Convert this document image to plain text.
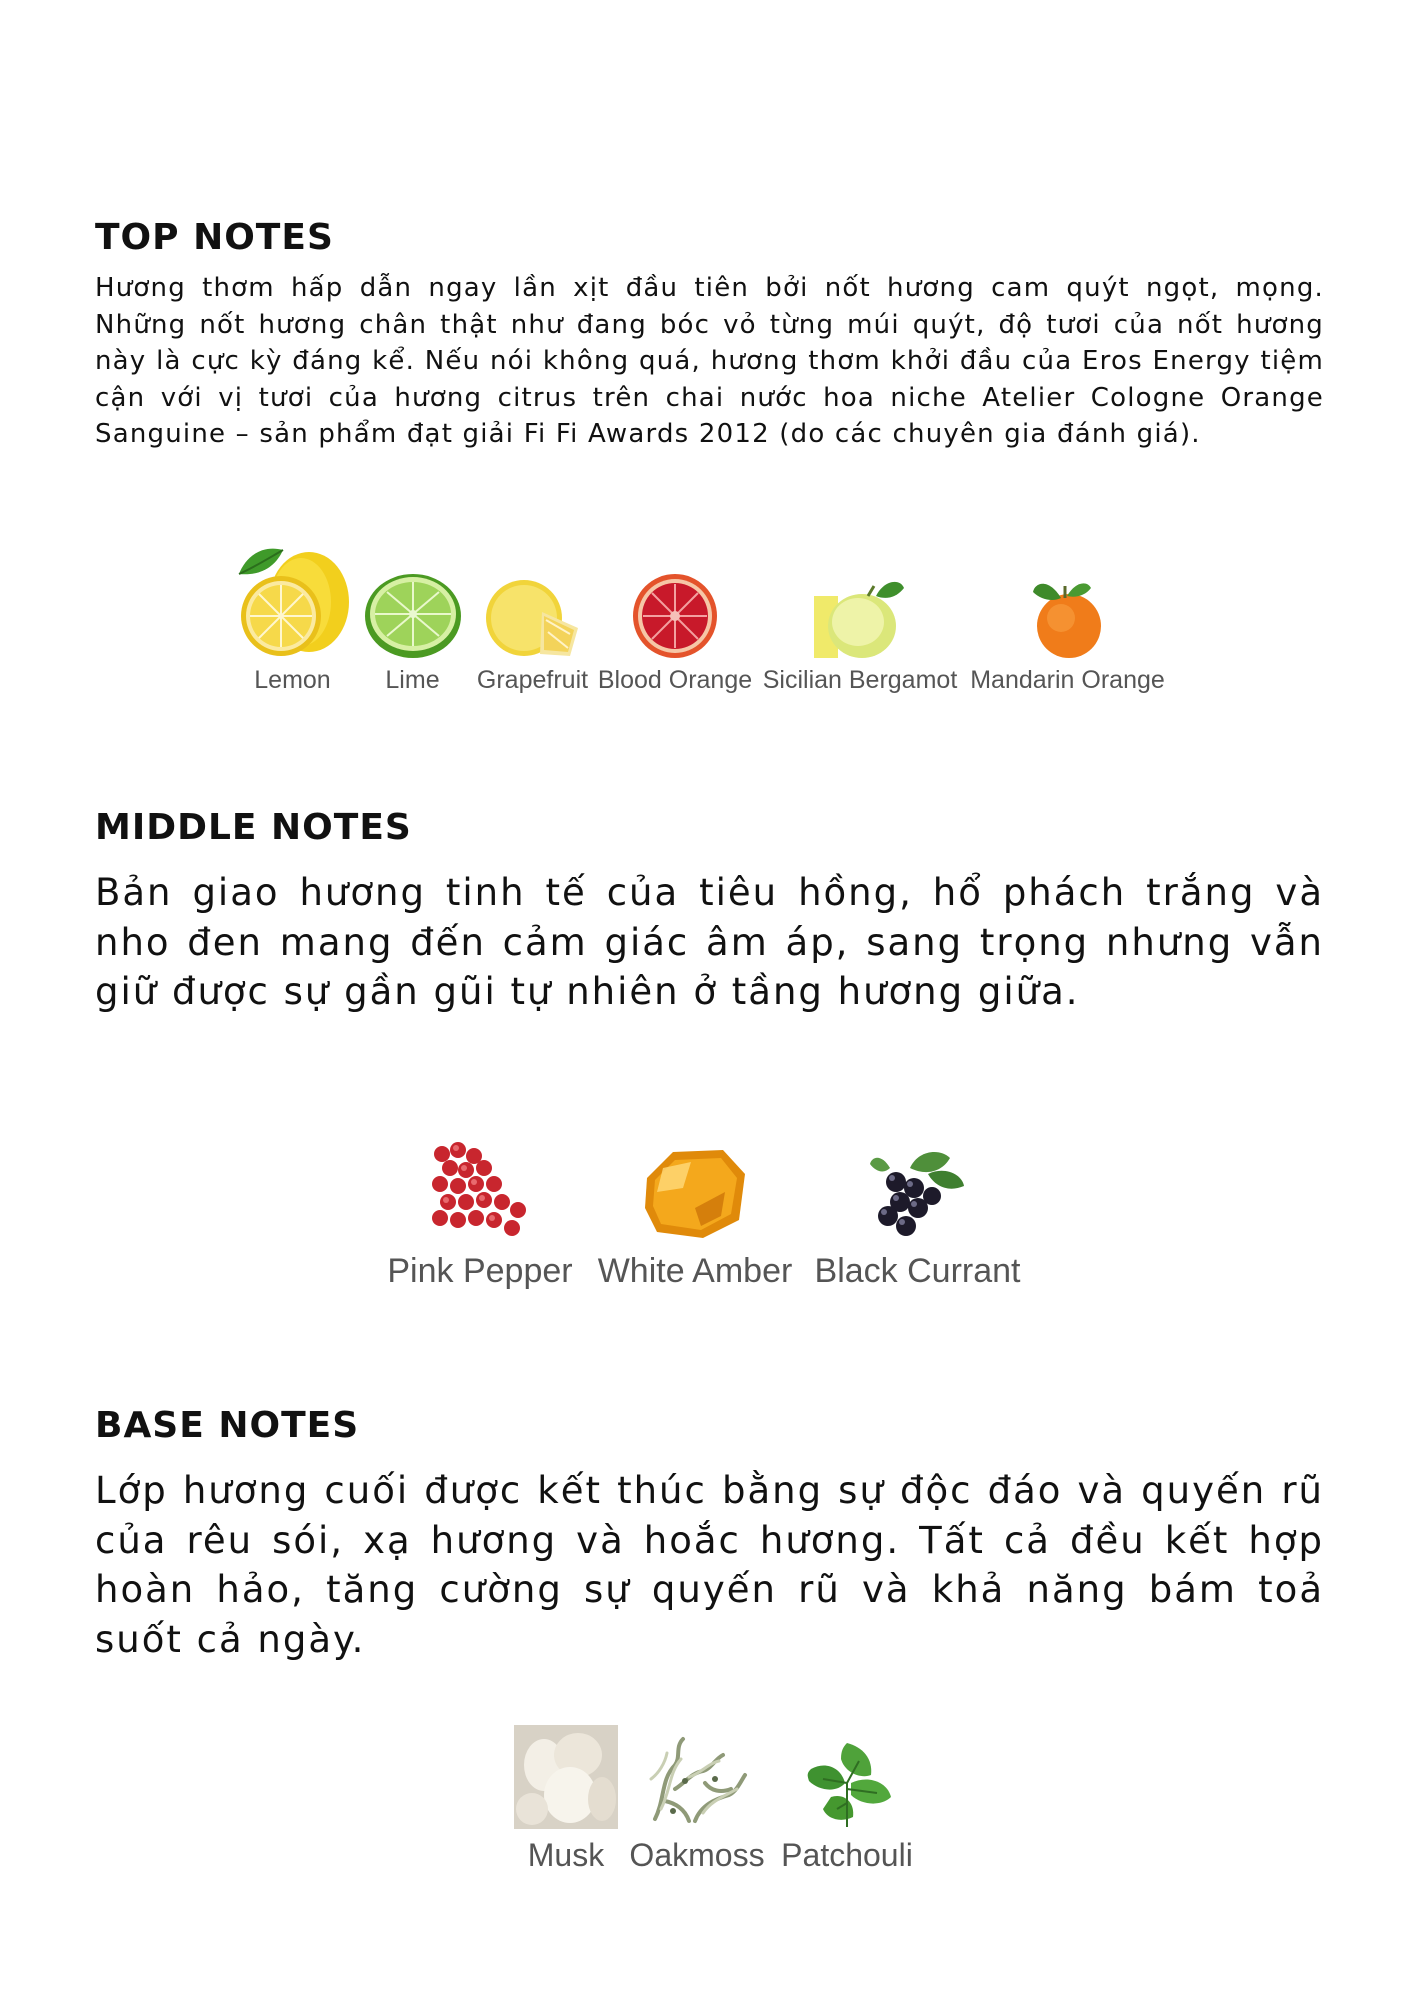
TOP NOTES

Hương thơm hấp dẫn ngay lần xịt đầu tiên bởi nốt hương cam quýt ngọt, mọng. Những nốt hương chân thật như đang bóc vỏ từng múi quýt, độ tươi của nốt hương này là cực kỳ đáng kể. Nếu nói không quá, hương thơm khởi đầu của Eros Energy tiệm cận với vị tươi của hương citrus trên chai nước hoa niche Atelier Cologne Orange Sanguine – sản phẩm đạt giải Fi Fi Awards 2012 (do các chuyên gia đánh giá).

Lemon Lime Grapefruit Blood Orange Sicilian Bergamot Mandarin Orange
MIDDLE NOTES

Bản giao hương tinh tế của tiêu hồng, hổ phách trắng và nho đen mang đến cảm giác âm áp, sang trọng nhưng vẫn giữ được sự gần gũi tự nhiên ở tầng hương giữa.

Pink Pepper White Amber Black Currant
BASE NOTES

Lớp hương cuối được kết thúc bằng sự độc đáo và quyến rũ của rêu sói, xạ hương và hoắc hương. Tất cả đều kết hợp hoàn hảo, tăng cường sự quyến rũ và khả năng bám toả suốt cả ngày.

Musk Oakmoss Patchouli
